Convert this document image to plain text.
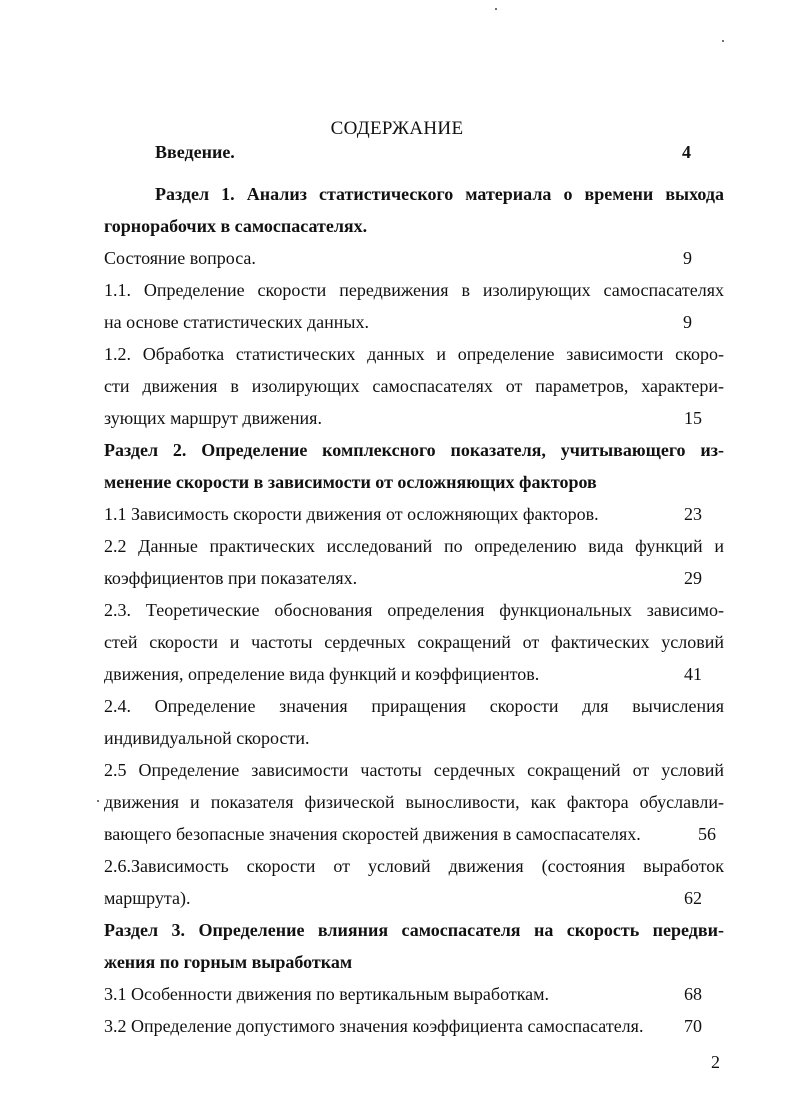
СОДЕРЖАНИЕ
Введение.	4
Раздел 1. Анализ статистического материала о времени выхода
горнорабочих в самоспасателях.
Состояние вопроса.	9
1.1. Определение скорости передвижения в изолирующих самоспасателях
на основе статистических данных.	9
1.2. Обработка статистических данных и определение зависимости скоро-
сти движения в изолирующих самоспасателях от параметров, характери-
зующих маршрут движения.	15
Раздел 2. Определение комплексного показателя, учитывающего из-
менение скорости в зависимости от осложняющих факторов
1.1 Зависимость скорости движения от осложняющих факторов.	23
2.2 Данные практических исследований по определению вида функций и
коэффициентов при показателях.	29
2.3. Теоретические обоснования определения функциональных зависимо-
стей скорости и частоты сердечных сокращений от фактических условий
движения, определение вида функций и коэффициентов.	41
2.4. Определение значения приращения скорости для вычисления
индивидуальной скорости.
2.5 Определение зависимости частоты сердечных сокращений от условий
движения и показателя физической выносливости, как фактора обуславли-
вающего безопасные значения скоростей движения в самоспасателях.	56
2.6.Зависимость скорости от условий движения (состояния выработок
маршрута).	62
Раздел 3. Определение влияния самоспасателя на скорость передви-
жения по горным выработкам
3.1 Особенности движения по вертикальным выработкам.	68
3.2 Определение допустимого значения коэффициента самоспасателя. 70
2
